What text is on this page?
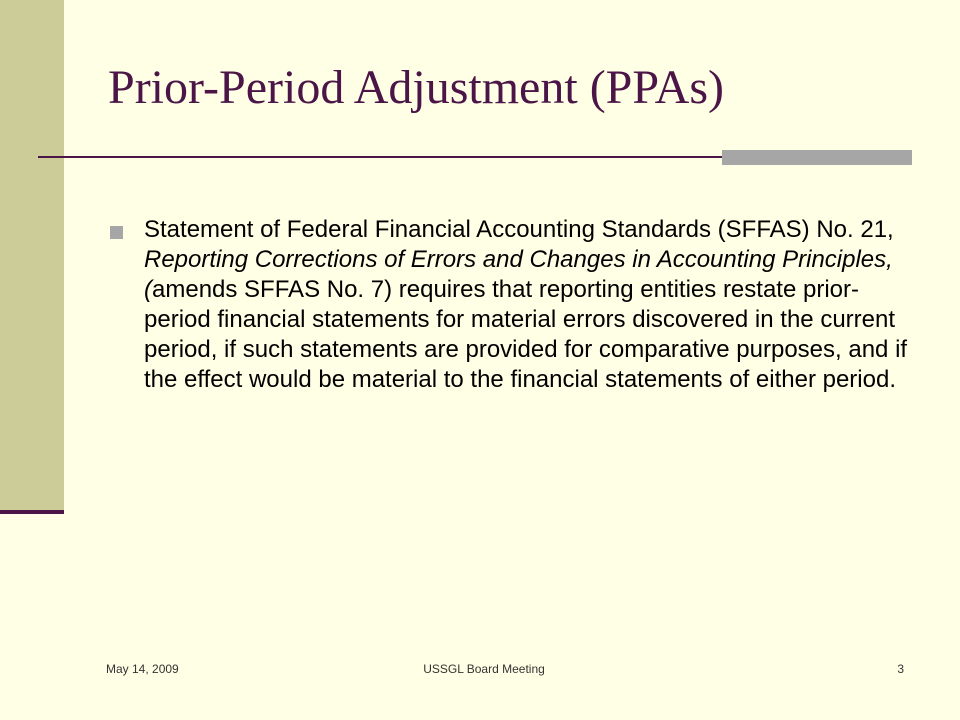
Prior-Period Adjustment (PPAs)

Statement of Federal Financial Accounting Standards (SFFAS) No. 21, Reporting Corrections of Errors and Changes in Accounting Principles, (amends SFFAS No. 7) requires that reporting entities restate prior-period financial statements for material errors discovered in the current period, if such statements are provided for comparative purposes, and if the effect would be material to the financial statements of either period.

May 14, 2009	USSGL Board Meeting	3
